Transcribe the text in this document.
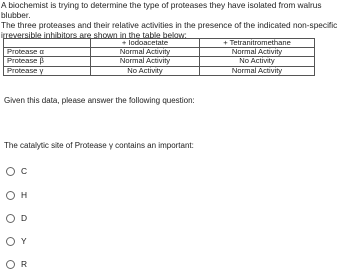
A biochemist is trying to determine the type of proteases they have isolated from walrus blubber.
The three proteases and their relative activities in the presence of the indicated non-specific
irreversible inhibitors are shown in the table below:
	+ Iodoacetate	+ Tetranitromethane
Protease α	Normal Activity	Normal Activity
Protease β	Normal Activity	No Activity
Protease γ	No Activity	Normal Activity

Given this data, please answer the following question:

The catalytic site of Protease γ contains an important:

C
H
D
Y
R
